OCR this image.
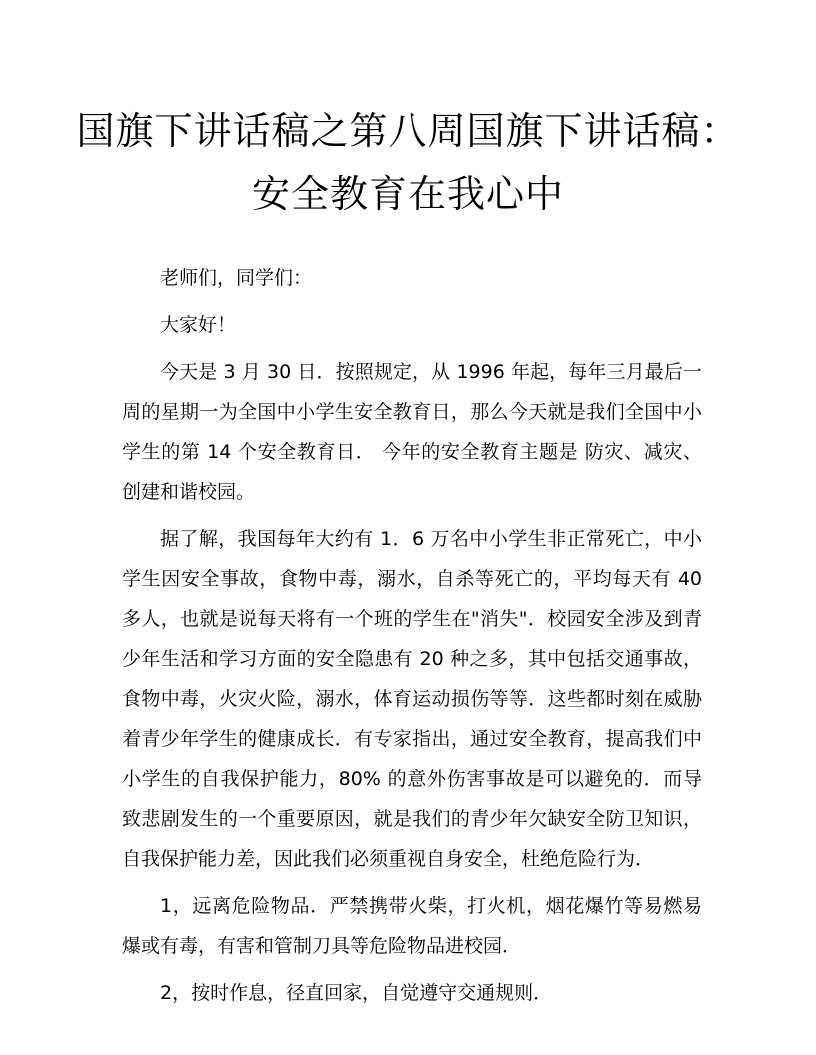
国旗下讲话稿之第八周国旗下讲话稿：
安全教育在我心中

老师们，同学们：

大家好！

今天是 3 月 30 日．按照规定，从 1996 年起，每年三月最后一周的星期一为全国中小学生安全教育日，那么今天就是我们全国中小学生的第 14 个安全教育日． 今年的安全教育主题是 防灾、减灾、创建和谐校园。

据了解，我国每年大约有 1．6 万名中小学生非正常死亡，中小学生因安全事故，食物中毒，溺水，自杀等死亡的，平均每天有 40 多人，也就是说每天将有一个班的学生在"消失"．校园安全涉及到青少年生活和学习方面的安全隐患有 20 种之多，其中包括交通事故，食物中毒，火灾火险，溺水，体育运动损伤等等．这些都时刻在威胁着青少年学生的健康成长．有专家指出，通过安全教育，提高我们中小学生的自我保护能力，80% 的意外伤害事故是可以避免的．而导致悲剧发生的一个重要原因，就是我们的青少年欠缺安全防卫知识，自我保护能力差，因此我们必须重视自身安全，杜绝危险行为．

1，远离危险物品．严禁携带火柴，打火机，烟花爆竹等易燃易爆或有毒，有害和管制刀具等危险物品进校园．

2，按时作息，径直回家，自觉遵守交通规则．
